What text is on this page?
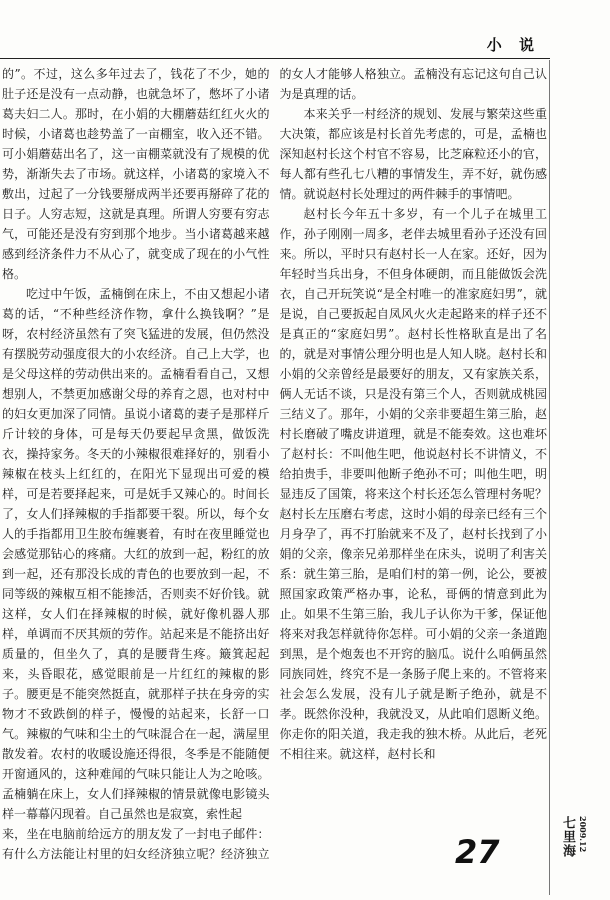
小 说

的”。不过，这么多年过去了，钱花了不少，她的肚子还是没有一点动静，也就急坏了，憋坏了小诸葛夫妇二人。那时，在小娟的大棚蘑菇红红火火的时候，小诸葛也趁势盖了一亩棚室，收入还不错。可小娟蘑菇出名了，这一亩棚菜就没有了规模的优势，渐渐失去了市场。就这样，小诸葛的家境入不敷出，过起了一分钱要掰成两半还要再掰碎了花的日子。人穷志短，这就是真理。所谓人穷要有穷志气，可能还是没有穷到那个地步。当小诸葛越来越感到经济条件力不从心了，就变成了现在的小气性格。

吃过中午饭，孟楠倒在床上，不由又想起小诸葛的话，“不种些经济作物，拿什么换钱啊？”是呀，农村经济虽然有了突飞猛进的发展，但仍然没有摆脱劳动强度很大的小农经济。自己上大学，也是父母这样的劳动供出来的。孟楠看看自己，又想想别人，不禁更加感谢父母的养育之恩，也对村中的妇女更加深了同情。虽说小诸葛的妻子是那样斤斤计较的身体，可是每天仍要起早贪黑，做饭洗衣，操持家务。冬天的小辣椒很难择好的，别看小辣椒在枝头上红红的，在阳光下显现出可爱的模样，可是若要择起来，可是妩手又辣心的。时间长了，女人们择辣椒的手指都要干裂。所以，每个女人的手指都用卫生胶布缠裹着，有时在夜里睡觉也会感觉那钻心的疼痛。大红的放到一起，粉红的放到一起，还有那没长成的青色的也要放到一起，不同等级的辣椒互相不能掺活，否则卖不好价钱。就这样，女人们在择辣椒的时候，就好像机器人那样，单调而不厌其烦的劳作。站起来是不能挤出好质量的，但坐久了，真的是腰背生疼。簸箕起起来，头昏眼花，感觉眼前是一片红红的辣椒的影子。腰更是不能突然挺直，就那样子扶在身旁的实物才不致跌倒的样子，慢慢的站起来，长舒一口气。辣椒的气味和尘土的气味混合在一起，满屋里散发着。农村的收暖设施还得很，冬季是不能随便开窗通风的，这种难闻的气味只能让人为之呛咳。孟楠躺在床上，女人们择辣椒的情景就像电影镜头样一幕幕闪现着。自己虽然也是寂寞，索性起

来，坐在电脑前给远方的朋友发了一封电子邮件：有什么方法能让村里的妇女经济独立呢？经济独立的女人才能够人格独立。孟楠没有忘记这句自己认为是真理的话。

本来关乎一村经济的规划、发展与繁荣这些重大决策，都应该是村长首先考虑的，可是，孟楠也深知赵村长这个村官不容易，比芝麻粒还小的官，每人都有些孔七八糟的事情发生，弄不好，就伤感情。就说赵村长处理过的两件棘手的事情吧。

赵村长今年五十多岁，有一个儿子在城里工作，孙子刚刚一周多，老伴去城里看孙子还没有回来。所以，平时只有赵村长一人在家。还好，因为年轻时当兵出身，不但身体硬朗，而且能做饭会洗衣，自己开玩笑说“是全村唯一的准家庭妇男”，就是说，自己要扳起自凤风火火走起路来的样子还不是真正的“家庭妇男”。赵村长性格耿直是出了名的，就是对事情公理分明也是人知人晓。赵村长和小娟的父亲曾经是最要好的朋友，又有家族关系，俩人无话不谈，只是没有第三个人，否则就成桃园三结义了。那年，小娟的父亲非要超生第三胎，赵村长磨破了嘴皮讲道理，就是不能奏效。这也难坏了赵村长：不叫他生吧，他说赵村长不讲情义，不给拍贵手，非要叫他断子绝孙不可；叫他生吧，明显违反了国策，将来这个村长还怎么管理村务呢？赵村长左压磨右考虑，这时小娟的母亲已经有三个月身孕了，再不打胎就来不及了，赵村长找到了小娟的父亲，像亲兄弟那样坐在床头，说明了利害关系：就生第三胎，是咱们村的第一例，论公，要被照国家政策严格办事，论私，哥俩的情意到此为止。如果不生第三胎，我儿子认你为干爹，保证他将来对我怎样就待你怎样。可小娟的父亲一条道跑到黑，是个炮轰也不开窍的脑瓜。说什么咱俩虽然同族同姓，终究不是一条肠子爬上来的。不管将来社会怎么发展，没有儿子就是断子绝孙，就是不孝。既然你没种，我就没叉，从此咱们恩断义绝。你走你的阳关道，我走我的独木桥。从此后，老死不相往来。就这样，赵村长和

七里海 2009.12
27
